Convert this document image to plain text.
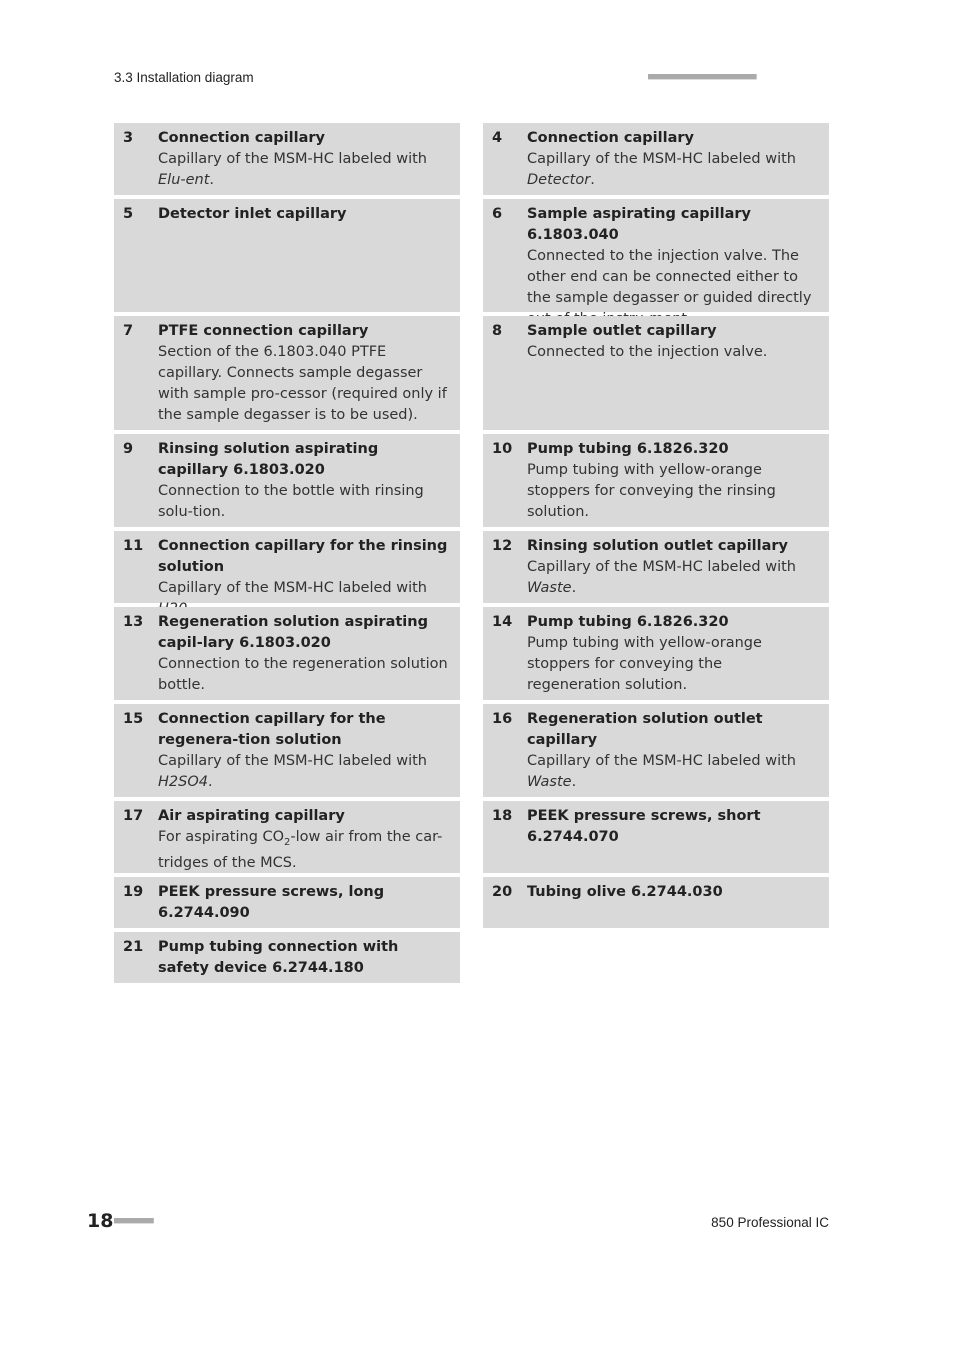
3.3 Installation diagram	■■■■■■■■■■■■■■■■■■■■■■
3 Connection capillary
Capillary of the MSM-HC labeled with Elu-ent.
5 Detector inlet capillary
7 PTFE connection capillary
Section of the 6.1803.040 PTFE capillary. Connects sample degasser with sample pro-cessor (required only if the sample degasser is to be used).
9 Rinsing solution aspirating capillary 6.1803.020
Connection to the bottle with rinsing solu-tion.
11 Connection capillary for the rinsing solution
Capillary of the MSM-HC labeled with
13 Regeneration solution aspirating capil-lary 6.1803.020
Connection to the regeneration solution bottle.
15 Connection capillary for the regenera-tion solution
Capillary of the MSM-HC labeled with H2SO4.
17 Air aspirating capillary
For aspirating $CO_2$-low air from the car-tridges of the MCS.
19 PEEK pressure screws, long 6.2744.090
21 Pump tubing connection with safety device 6.2744.180
4 Connection capillary
Capillary of the MSM-HC labeled with Detector.
6 Sample aspirating capillary 6.1803.040
Connected to the injection valve. The other end can be connected either to the sample degasser or guided directly
8 Sample outlet capillary
Connected to the injection valve.
10 Pump tubing 6.1826.320
Pump tubing with yellow-orange stoppers for conveying the rinsing solution.
12 Rinsing solution outlet capillary
Capillary of the MSM-HC labeled with Waste.
14 Pump tubing 6.1826.320
Pump tubing with yellow-orange stoppers for conveying the regeneration solution.
16 Regeneration solution outlet capillary
Capillary of the MSM-HC labeled with Waste.
18 PEEK pressure screws, short 6.2744.070
20 Tubing olive 6.2744.030
18 ■■■■■■■■	850 Professional IC
